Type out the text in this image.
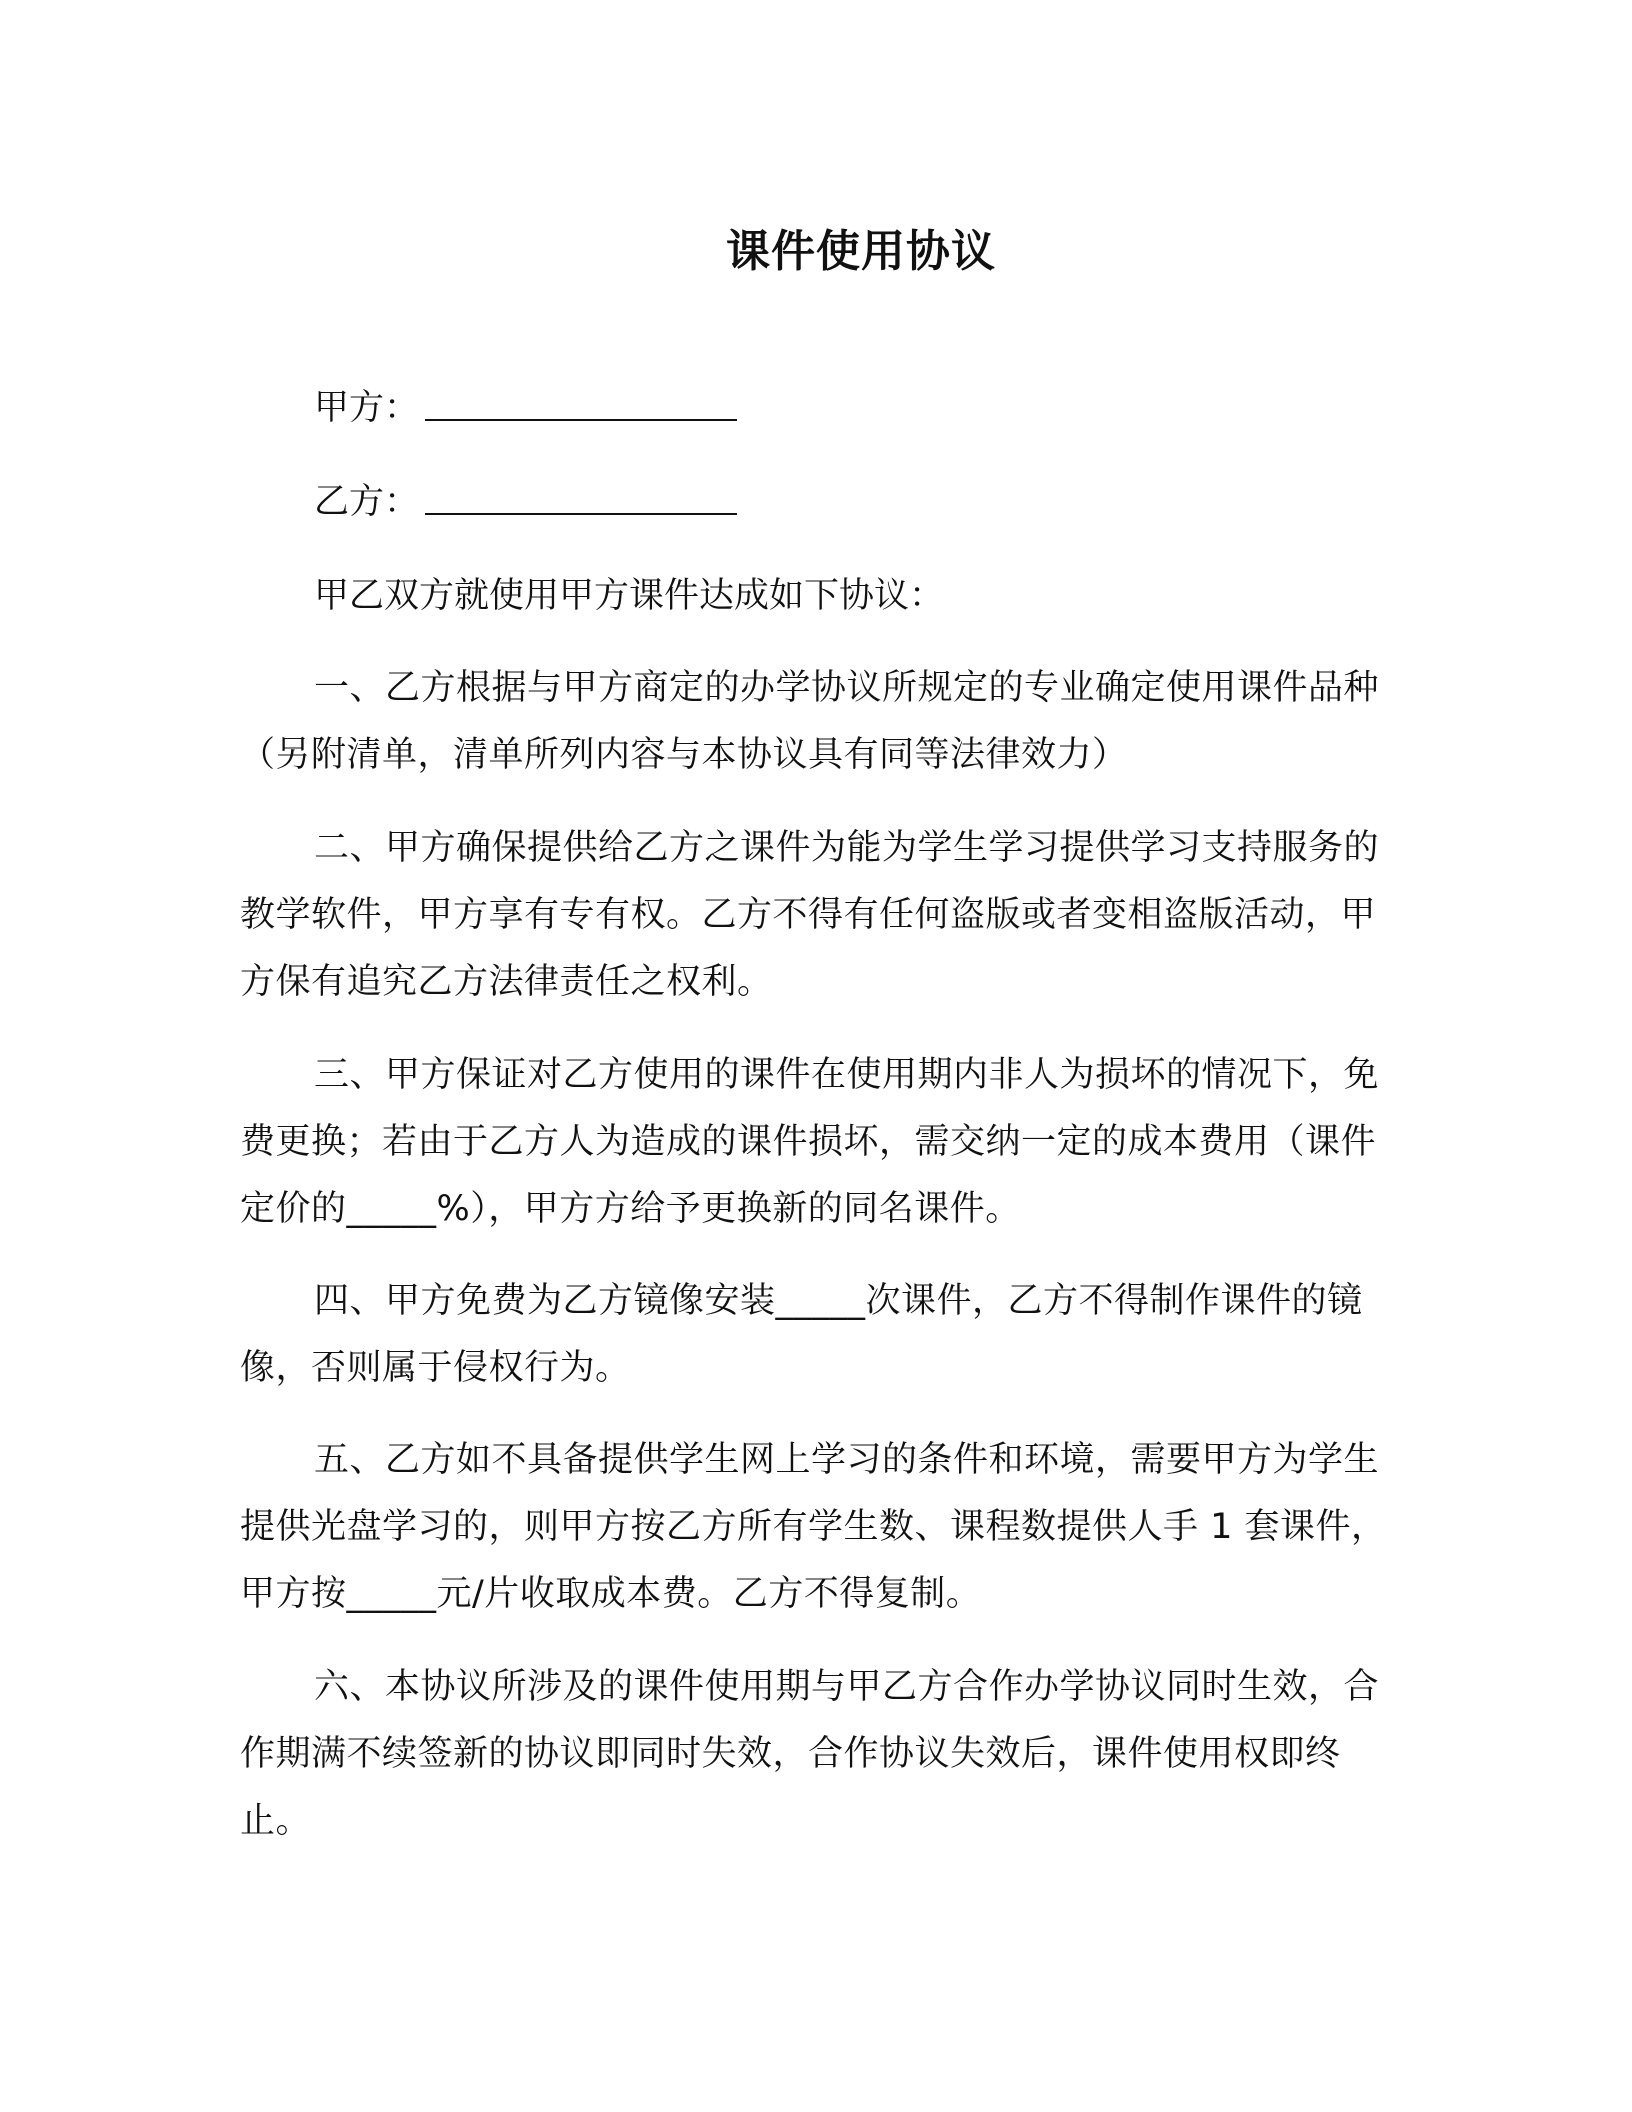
课件使用协议
甲方：
乙方：
甲乙双方就使用甲方课件达成如下协议：

一、乙方根据与甲方商定的办学协议所规定的专业确定使用课件品种（另附清单，清单所列内容与本协议具有同等法律效力）

二、甲方确保提供给乙方之课件为能为学生学习提供学习支持服务的教学软件，甲方享有专有权。乙方不得有任何盗版或者变相盗版活动，甲方保有追究乙方法律责任之权利。

三、甲方保证对乙方使用的课件在使用期内非人为损坏的情况下，免费更换；若由于乙方人为造成的课件损坏，需交纳一定的成本费用（课件定价的_____%），甲方方给予更换新的同名课件。

四、甲方免费为乙方镜像安装_____次课件，乙方不得制作课件的镜像，否则属于侵权行为。

五、乙方如不具备提供学生网上学习的条件和环境，需要甲方为学生提供光盘学习的，则甲方按乙方所有学生数、课程数提供人手 1 套课件，甲方按_____元/片收取成本费。乙方不得复制。

六、本协议所涉及的课件使用期与甲乙方合作办学协议同时生效，合作期满不续签新的协议即同时失效，合作协议失效后，课件使用权即终止。
